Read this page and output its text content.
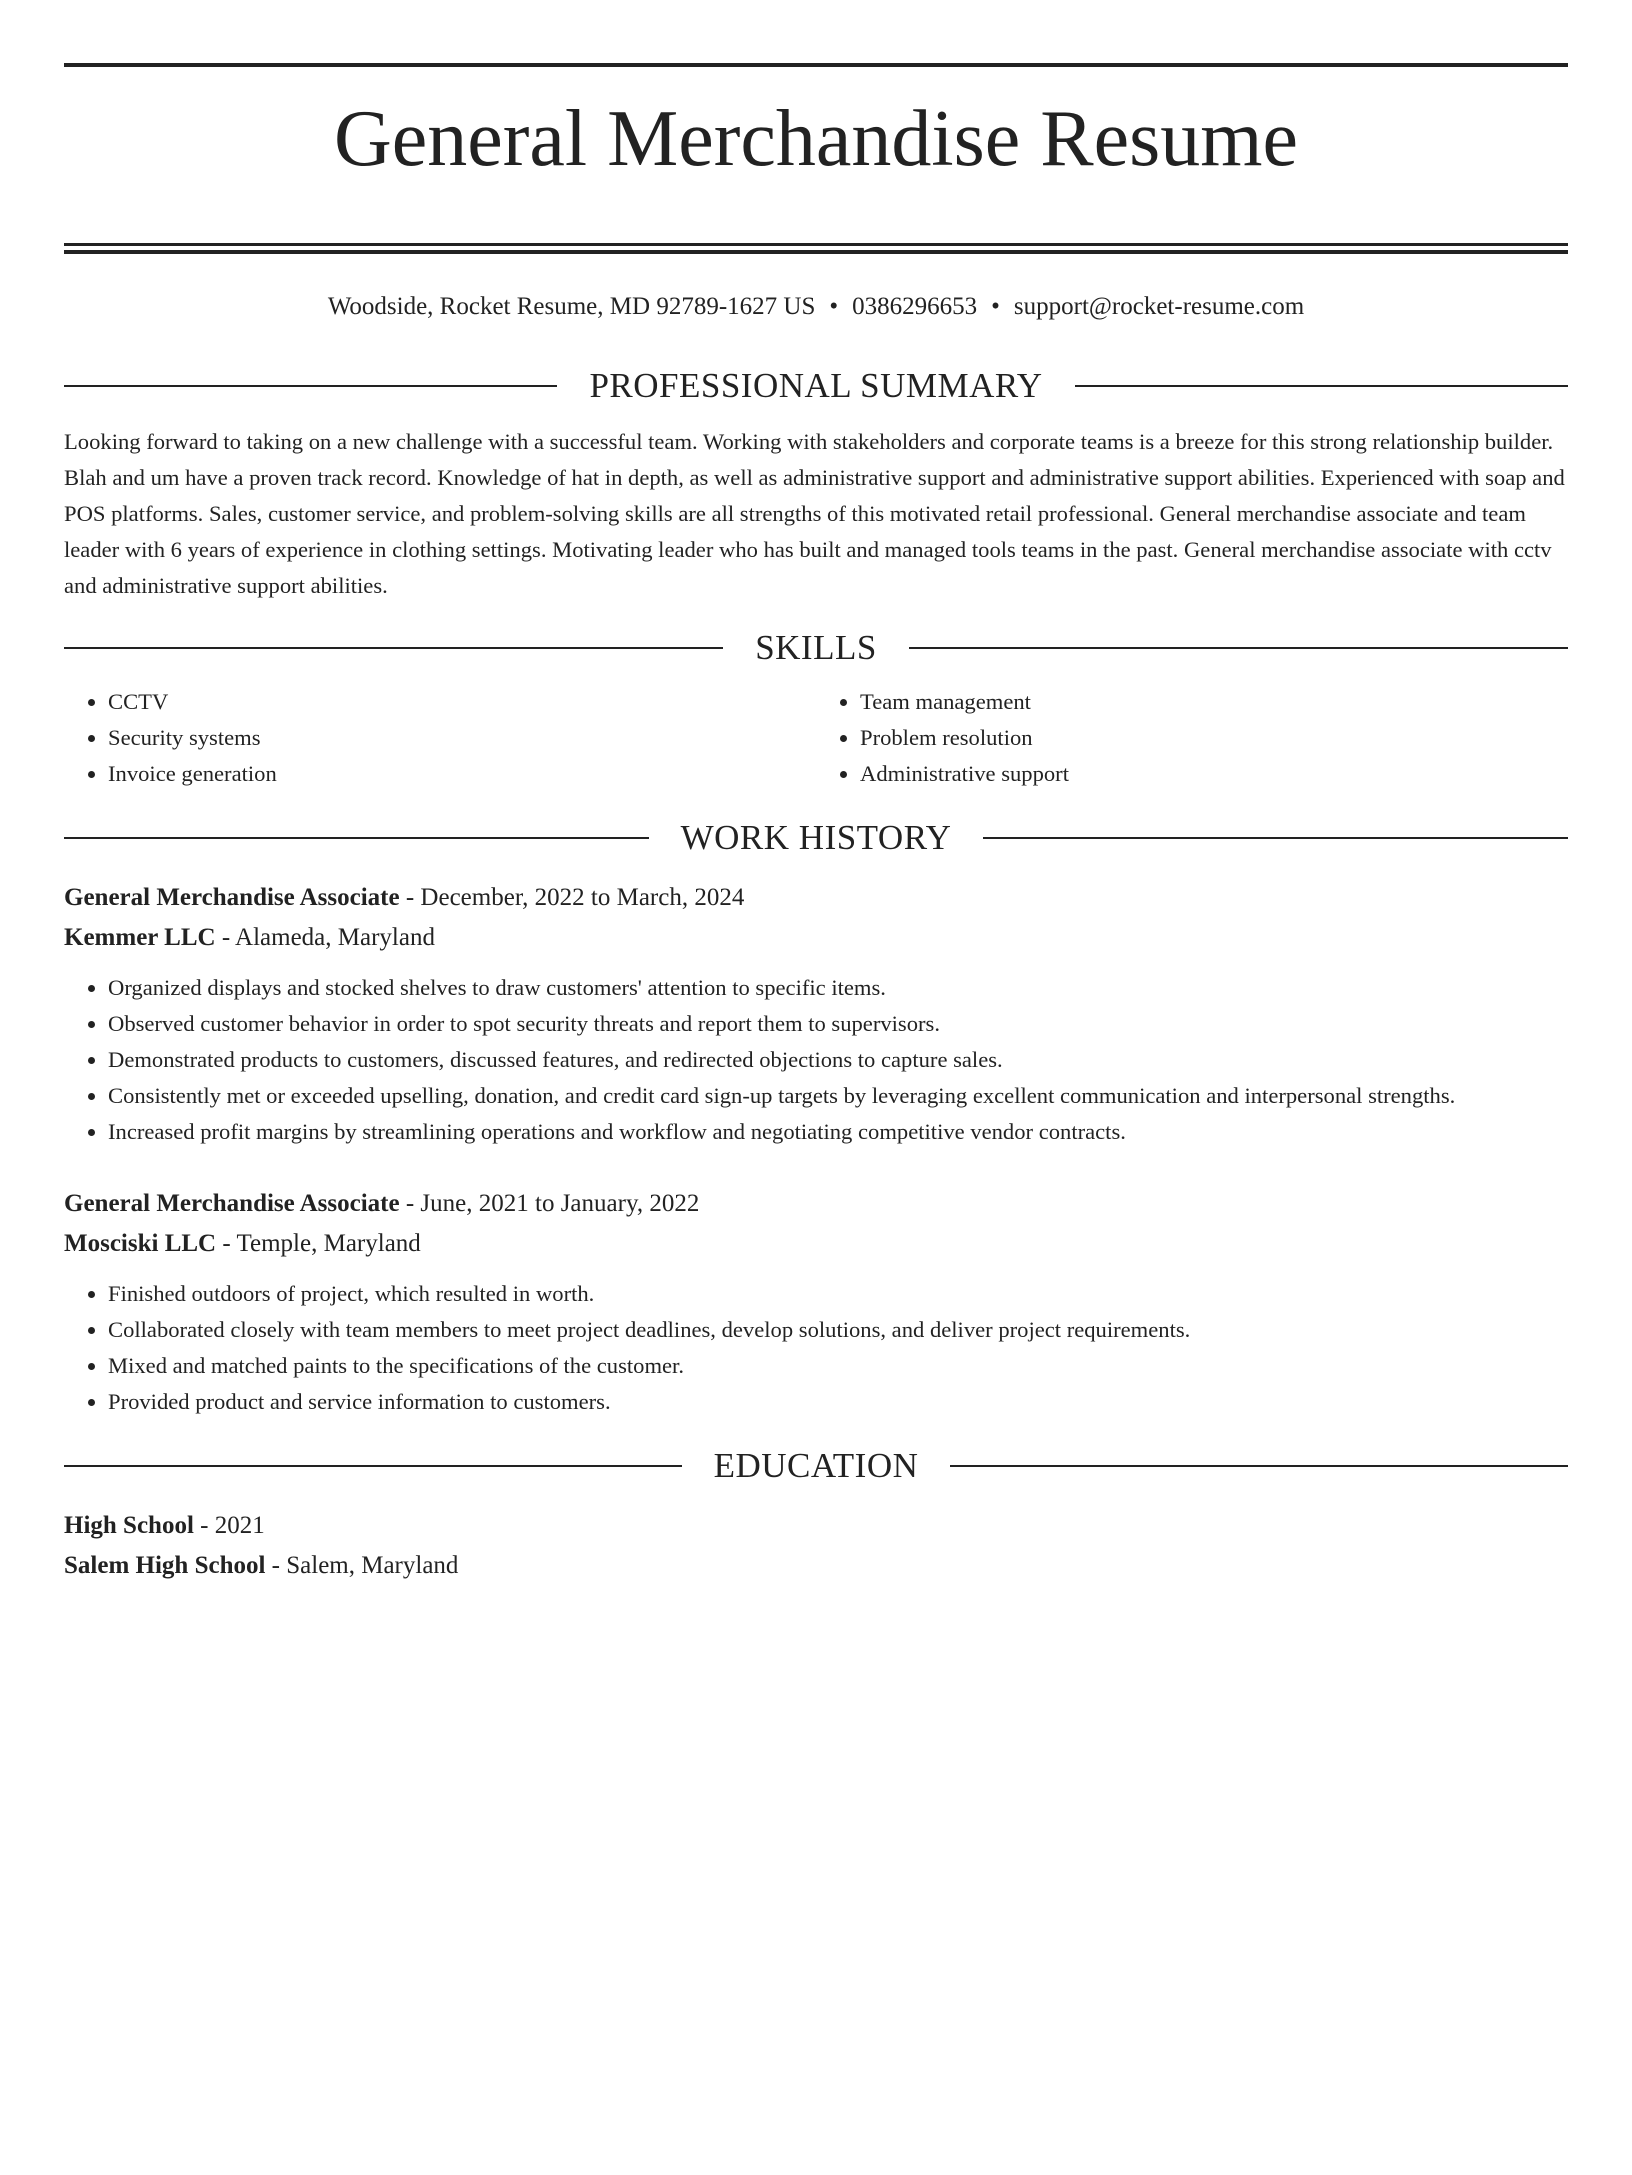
General Merchandise Resume
Woodside, Rocket Resume, MD 92789-1627 US • 0386296653 • support@rocket-resume.com
PROFESSIONAL SUMMARY

Looking forward to taking on a new challenge with a successful team. Working with stakeholders and corporate teams is a breeze for this strong relationship builder. Blah and um have a proven track record. Knowledge of hat in depth, as well as administrative support and administrative support abilities. Experienced with soap and POS platforms. Sales, customer service, and problem-solving skills are all strengths of this motivated retail professional. General merchandise associate and team leader with 6 years of experience in clothing settings. Motivating leader who has built and managed tools teams in the past. General merchandise associate with cctv and administrative support abilities.

SKILLS
• CCTV
• Security systems
• Invoice generation
• Team management
• Problem resolution
• Administrative support
WORK HISTORY
General Merchandise Associate - December, 2022 to March, 2024
Kemmer LLC - Alameda, Maryland
• Organized displays and stocked shelves to draw customers' attention to specific items.
• Observed customer behavior in order to spot security threats and report them to supervisors.
• Demonstrated products to customers, discussed features, and redirected objections to capture sales.
• Consistently met or exceeded upselling, donation, and credit card sign-up targets by leveraging excellent communication and interpersonal strengths.
• Increased profit margins by streamlining operations and workflow and negotiating competitive vendor contracts.
General Merchandise Associate - June, 2021 to January, 2022
Mosciski LLC - Temple, Maryland
• Finished outdoors of project, which resulted in worth.
• Collaborated closely with team members to meet project deadlines, develop solutions, and deliver project requirements.
• Mixed and matched paints to the specifications of the customer.
• Provided product and service information to customers.
EDUCATION
High School - 2021
Salem High School - Salem, Maryland
